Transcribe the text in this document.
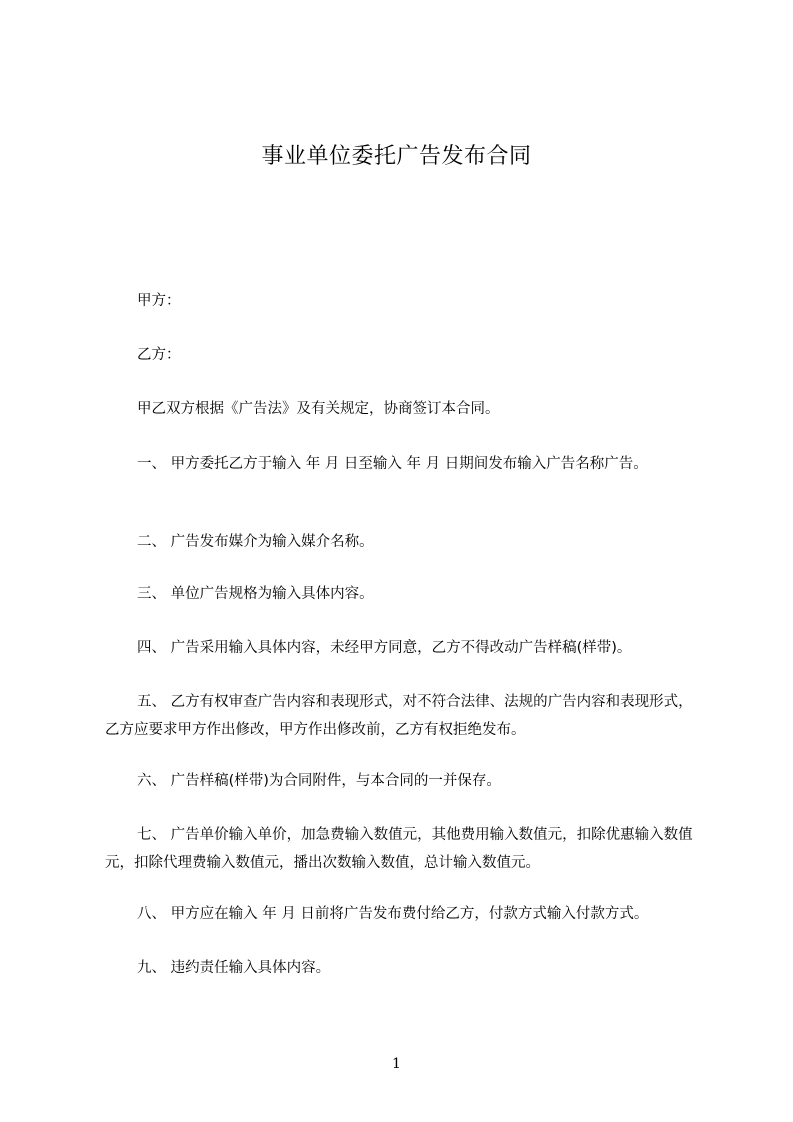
事业单位委托广告发布合同
甲方：
乙方：
甲乙双方根据《广告法》及有关规定，协商签订本合同。
一、 甲方委托乙方于输入 年 月 日至输入 年 月 日期间发布输入广告名称广告。
二、 广告发布媒介为输入媒介名称。
三、 单位广告规格为输入具体内容。
四、 广告采用输入具体内容，未经甲方同意，乙方不得改动广告样稿(样带)。
五、 乙方有权审查广告内容和表现形式，对不符合法律、法规的广告内容和表现形式，乙方应要求甲方作出修改，甲方作出修改前，乙方有权拒绝发布。
六、 广告样稿(样带)为合同附件，与本合同的一并保存。
七、 广告单价输入单价，加急费输入数值元，其他费用输入数值元，扣除优惠输入数值元，扣除代理费输入数值元，播出次数输入数值，总计输入数值元。
八、 甲方应在输入 年 月 日前将广告发布费付给乙方，付款方式输入付款方式。
九、 违约责任输入具体内容。
1
